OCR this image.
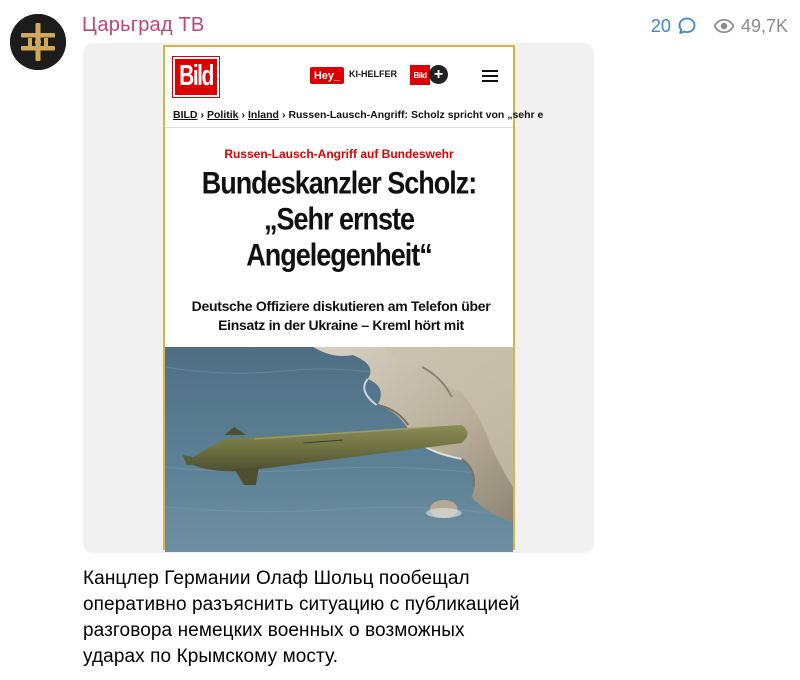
Царьград ТВ	20	49,7K
Bild	Hey_ KI-HELFER	Bild +
BILD › Politik › Inland › Russen-Lausch-Angriff: Scholz spricht von „sehr e
Russen-Lausch-Angriff auf Bundeswehr
Bundeskanzler Scholz:
„Sehr ernste
Angelegenheit“
Deutsche Offiziere diskutieren am Telefon über
Einsatz in der Ukraine – Kreml hört mit
Канцлер Германии Олаф Шольц пообещал
оперативно разъяснить ситуацию с публикацией
разговора немецких военных о возможных
ударах по Крымскому мосту.
